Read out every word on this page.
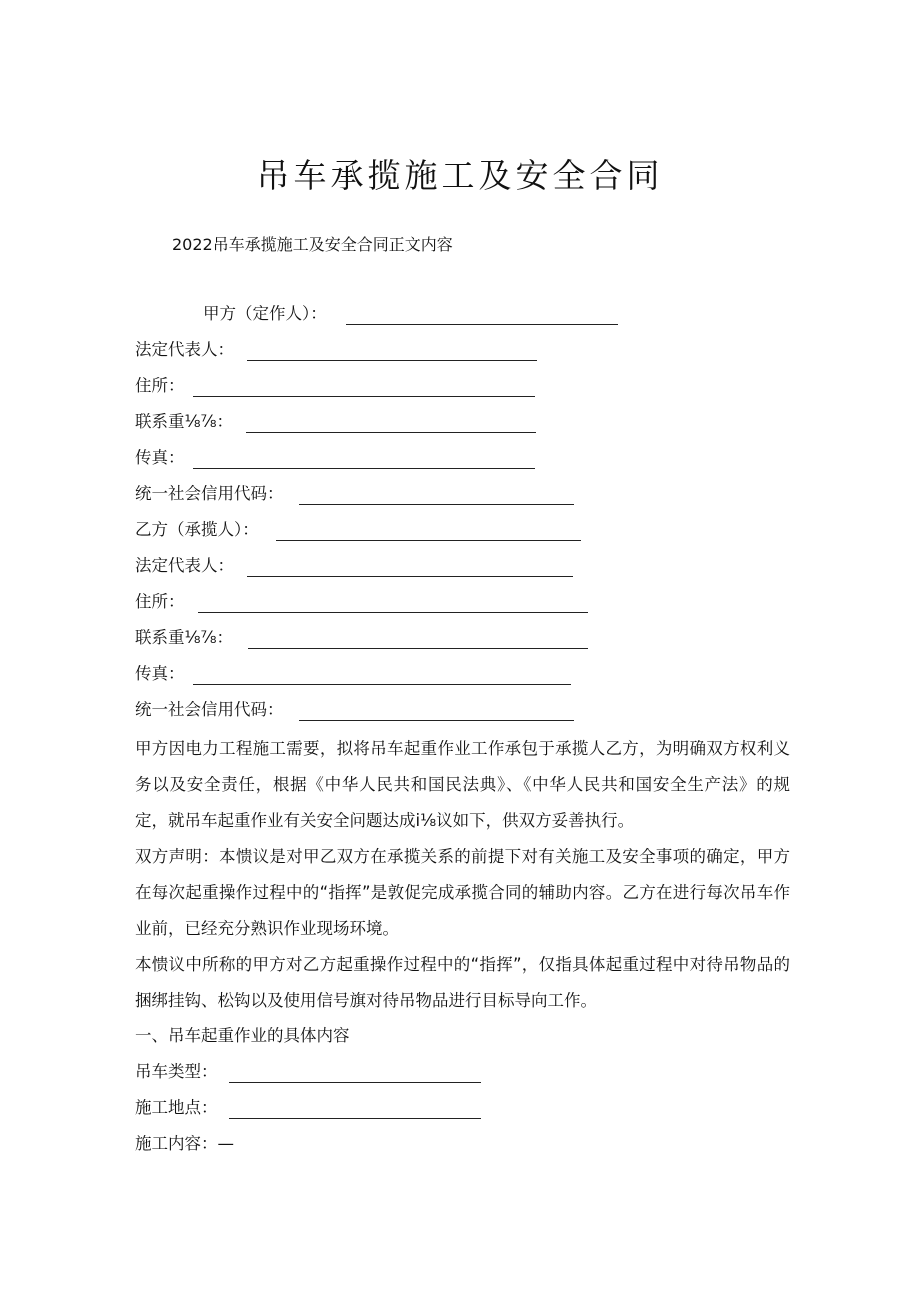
吊车承揽施工及安全合同

2022吊车承揽施工及安全合同正文内容

甲方（定作人）：
法定代表人：
住所：
联系重⅛⅞：
传真：
统一社会信用代码：
乙方（承揽人）：
法定代表人：
住所：
联系重⅛⅞：
传真：
统一社会信用代码：

甲方因电力工程施工需要，拟将吊车起重作业工作承包于承揽人乙方，为明确双方权利义务以及安全责任，根据《中华人民共和国民法典》、《中华人民共和国安全生产法》的规定，就吊车起重作业有关安全问题达成i⅛议如下，供双方妥善执行。

双方声明：本愦议是对甲乙双方在承揽关系的前提下对有关施工及安全事项的确定，甲方在每次起重操作过程中的“指挥”是敦促完成承揽合同的辅助内容。乙方在进行每次吊车作业前，已经充分熟识作业现场环境。

本愦议中所称的甲方对乙方起重操作过程中的“指挥”，仅指具体起重过程中对待吊物品的捆绑挂钩、松钩以及使用信号旗对待吊物品进行目标导向工作。

一、吊车起重作业的具体内容
吊车类型：
施工地点：
施工内容：—
